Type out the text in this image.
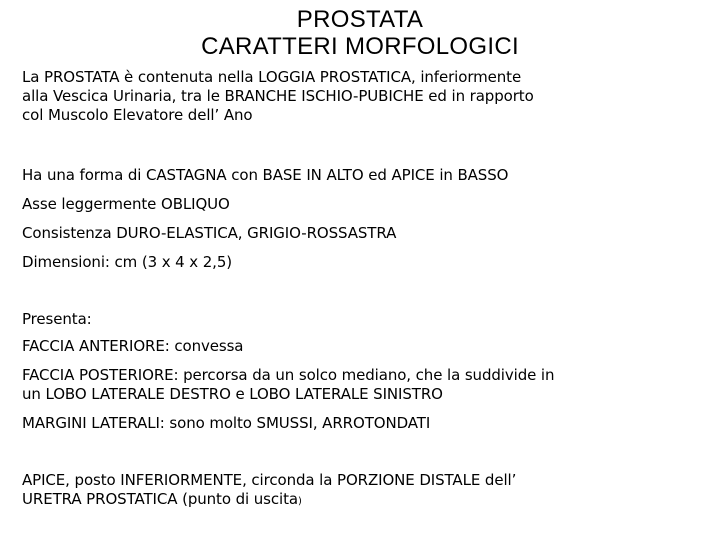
PROSTATA
CARATTERI MORFOLOGICI
La PROSTATA è contenuta nella LOGGIA PROSTATICA, inferiormente
alla Vescica Urinaria, tra le BRANCHE ISCHIO-PUBICHE ed in rapporto
col Muscolo Elevatore dell’ Ano
Ha una forma di CASTAGNA con BASE IN ALTO ed APICE in BASSO
Asse leggermente OBLIQUO
Consistenza DURO-ELASTICA, GRIGIO-ROSSASTRA
Dimensioni: cm (3 x 4 x 2,5)
Presenta:
FACCIA ANTERIORE: convessa
FACCIA POSTERIORE: percorsa da un solco mediano, che la suddivide in
un LOBO LATERALE DESTRO e LOBO LATERALE SINISTRO
MARGINI LATERALI: sono molto SMUSSI, ARROTONDATI
APICE, posto INFERIORMENTE, circonda la PORZIONE DISTALE dell’
URETRA PROSTATICA (punto di uscita)
